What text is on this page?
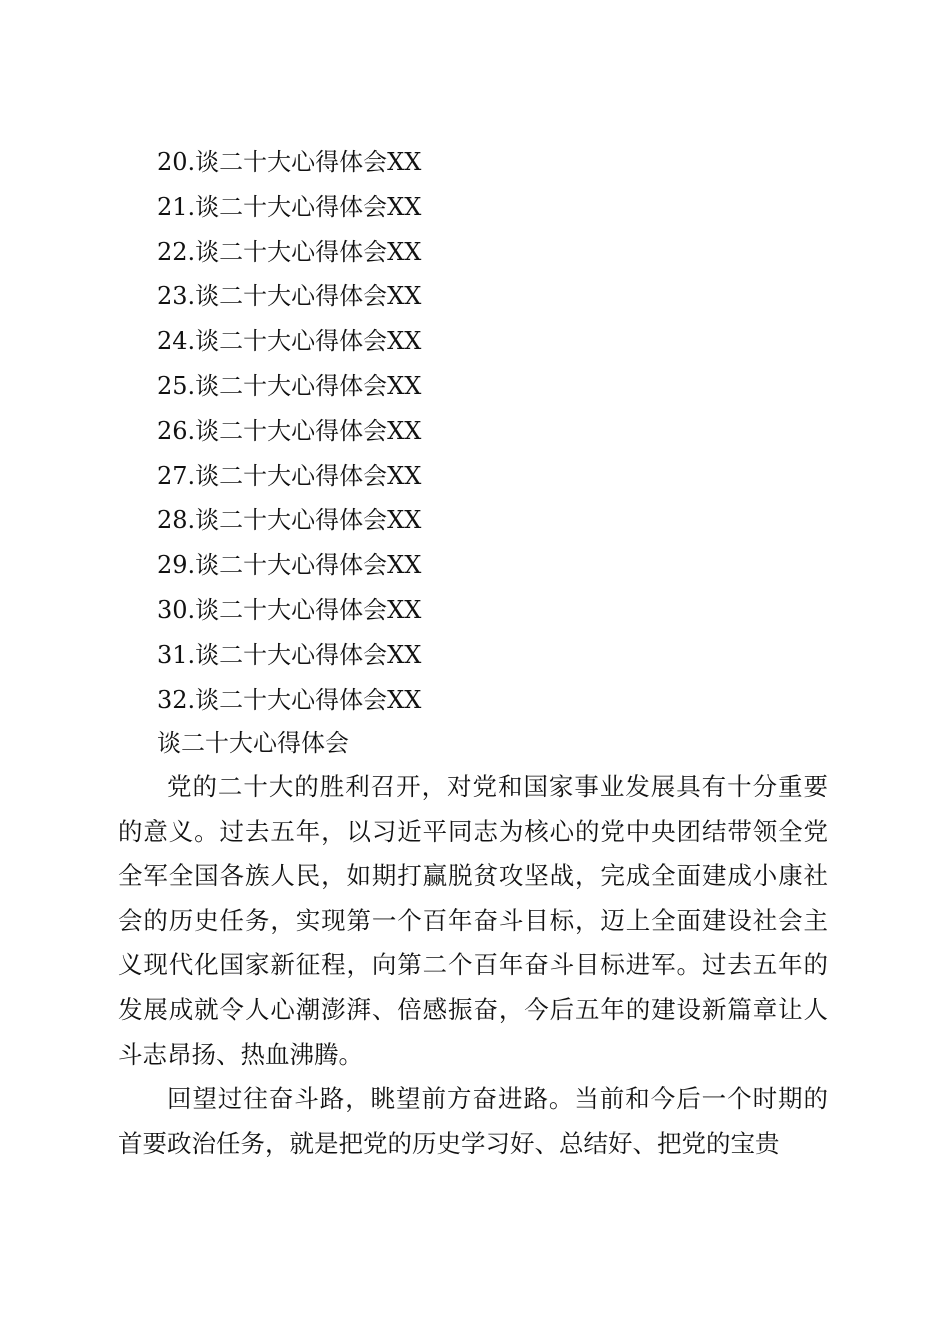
20.谈二十大心得体会XX
21.谈二十大心得体会XX
22.谈二十大心得体会XX
23.谈二十大心得体会XX
24.谈二十大心得体会XX
25.谈二十大心得体会XX
26.谈二十大心得体会XX
27.谈二十大心得体会XX
28.谈二十大心得体会XX
29.谈二十大心得体会XX
30.谈二十大心得体会XX
31.谈二十大心得体会XX
32.谈二十大心得体会XX
谈二十大心得体会

党的二十大的胜利召开，对党和国家事业发展具有十分重要的意义。过去五年，以习近平同志为核心的党中央团结带领全党全军全国各族人民，如期打赢脱贫攻坚战，完成全面建成小康社会的历史任务，实现第一个百年奋斗目标，迈上全面建设社会主义现代化国家新征程，向第二个百年奋斗目标进军。过去五年的发展成就令人心潮澎湃、倍感振奋，今后五年的建设新篇章让人斗志昂扬、热血沸腾。

回望过往奋斗路，眺望前方奋进路。当前和今后一个时期的首要政治任务，就是把党的历史学习好、总结好、把党的宝贵
